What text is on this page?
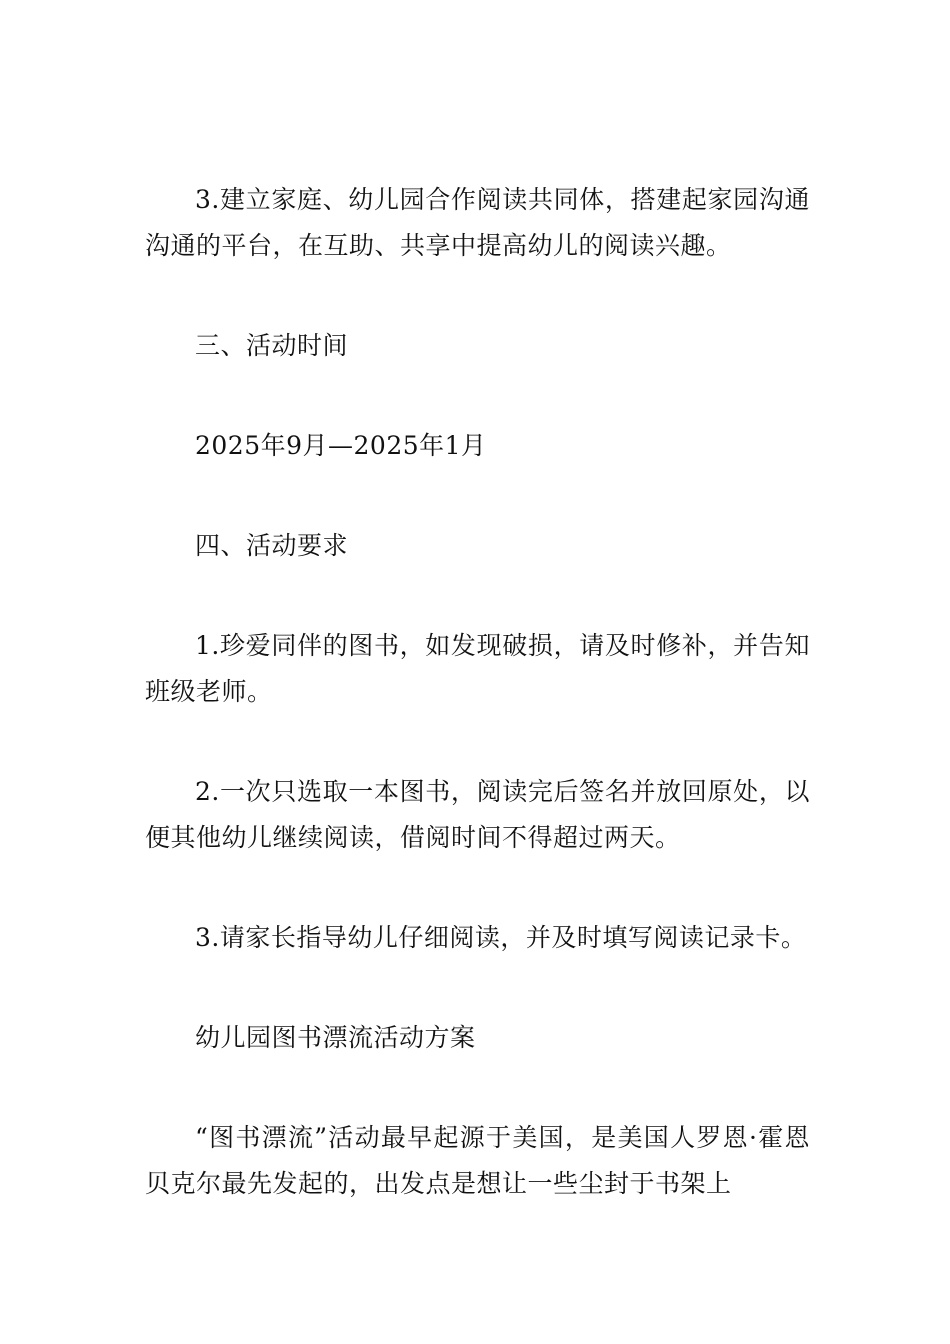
3.建立家庭、幼儿园合作阅读共同体，搭建起家园沟通沟通的平台，在互助、共享中提高幼儿的阅读兴趣。

三、活动时间

2025年9月—2025年1月

四、活动要求

1.珍爱同伴的图书，如发现破损，请及时修补，并告知班级老师。

2.一次只选取一本图书，阅读完后签名并放回原处，以便其他幼儿继续阅读，借阅时间不得超过两天。

3.请家长指导幼儿仔细阅读，并及时填写阅读记录卡。

幼儿园图书漂流活动方案

“图书漂流”活动最早起源于美国，是美国人罗恩·霍恩贝克尔最先发起的，出发点是想让一些尘封于书架上
